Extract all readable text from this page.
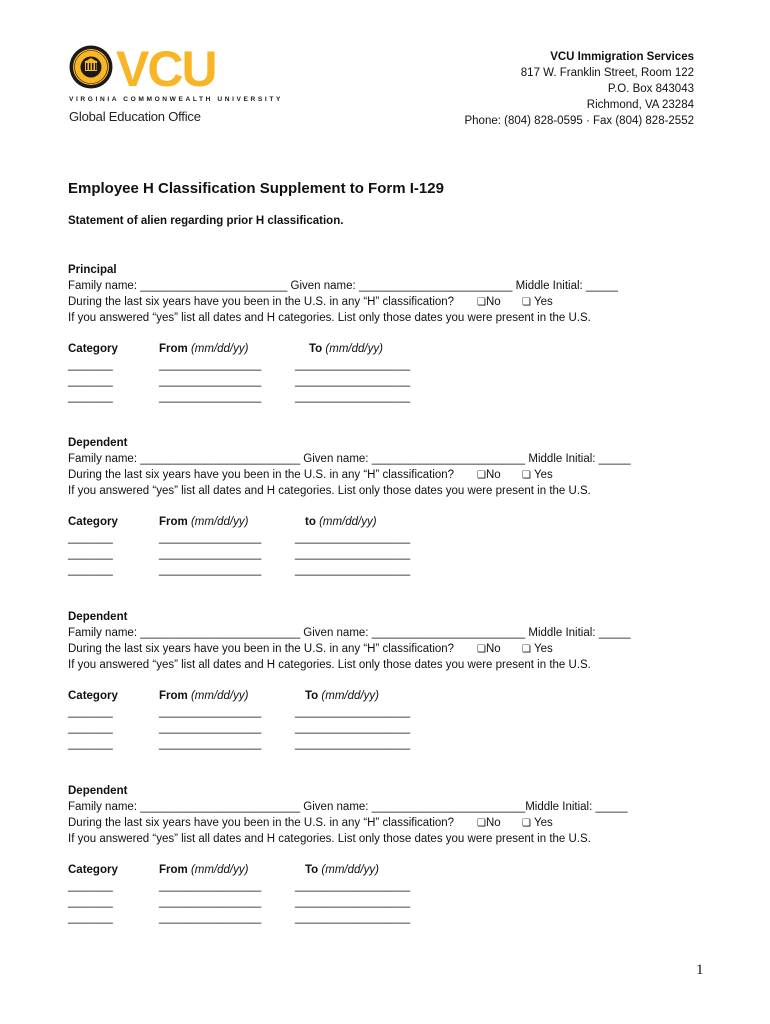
VCU
VIRGINIA COMMONWEALTH UNIVERSITY
Global Education Office
VCU Immigration Services
817 W. Franklin Street, Room 122
P.O. Box 843043
Richmond, VA 23284
Phone: (804) 828-0595 · Fax (804) 828-2552
Employee H Classification Supplement to Form I-129
Statement of alien regarding prior H classification.
Principal
Family name: _______________________ Given name: ________________________ Middle Initial: _____
During the last six years have you been in the U.S. in any “H” classification? ❏No ❏ Yes
If you answered “yes” list all dates and H categories. List only those dates you were present in the U.S.
Category	From (mm/dd/yy)	To (mm/dd/yy)
_______	________________	__________________
_______	________________	__________________
_______	________________	__________________
Dependent
Family name: _________________________ Given name: ________________________ Middle Initial: _____
During the last six years have you been in the U.S. in any “H” classification? ❏No ❏ Yes
If you answered “yes” list all dates and H categories. List only those dates you were present in the U.S.
Category	From (mm/dd/yy)	to (mm/dd/yy)
_______	________________	__________________
_______	________________	__________________
_______	________________	__________________
Dependent
Family name: _________________________ Given name: ________________________ Middle Initial: _____
During the last six years have you been in the U.S. in any “H” classification? ❏No ❏ Yes
If you answered “yes” list all dates and H categories. List only those dates you were present in the U.S.
Category	From (mm/dd/yy)	To (mm/dd/yy)
_______	________________	__________________
_______	________________	__________________
_______	________________	__________________
Dependent
Family name: _________________________ Given name: ________________________Middle Initial: _____
During the last six years have you been in the U.S. in any “H” classification? ❏No ❏ Yes
If you answered “yes” list all dates and H categories. List only those dates you were present in the U.S.
Category	From (mm/dd/yy)	To (mm/dd/yy)
_______	________________	__________________
_______	________________	__________________
_______	________________	__________________
1
